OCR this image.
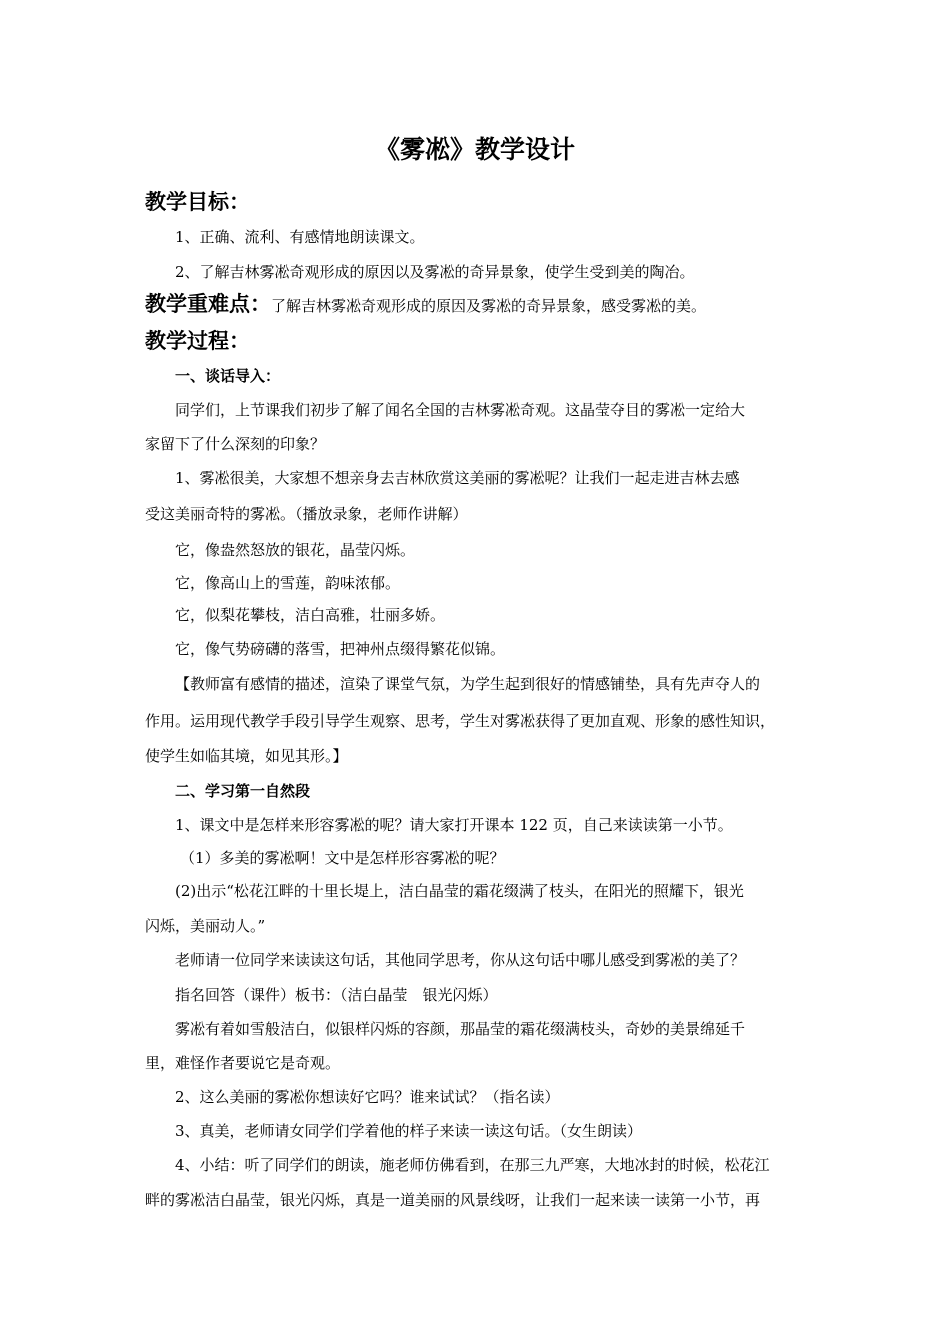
《雾凇》教学设计
教学目标：
1、正确、流利、有感情地朗读课文。
2、了解吉林雾凇奇观形成的原因以及雾凇的奇异景象，使学生受到美的陶冶。
教学重难点：了解吉林雾凇奇观形成的原因及雾凇的奇异景象，感受雾凇的美。
教学过程：
一、谈话导入：
同学们，上节课我们初步了解了闻名全国的吉林雾凇奇观。这晶莹夺目的雾凇一定给大
家留下了什么深刻的印象？
1、雾凇很美，大家想不想亲身去吉林欣赏这美丽的雾凇呢？让我们一起走进吉林去感
受这美丽奇特的雾凇。（播放录象，老师作讲解）
它，像盎然怒放的银花，晶莹闪烁。
它，像高山上的雪莲，韵味浓郁。
它，似梨花攀枝，洁白高雅，壮丽多娇。
它，像气势磅礴的落雪，把神州点缀得繁花似锦。
【教师富有感情的描述，渲染了课堂气氛，为学生起到很好的情感铺垫，具有先声夺人的
作用。运用现代教学手段引导学生观察、思考，学生对雾凇获得了更加直观、形象的感性知识，
使学生如临其境，如见其形。】
二、学习第一自然段
1、课文中是怎样来形容雾凇的呢？请大家打开课本 122 页，自己来读读第一小节。
（1）多美的雾凇啊！文中是怎样形容雾凇的呢？
(2)出示“松花江畔的十里长堤上，洁白晶莹的霜花缀满了枝头，在阳光的照耀下，银光
闪烁，美丽动人。”
老师请一位同学来读读这句话，其他同学思考，你从这句话中哪儿感受到雾凇的美了？
指名回答（课件）板书：（洁白晶莹　银光闪烁）
雾凇有着如雪般洁白，似银样闪烁的容颜，那晶莹的霜花缀满枝头，奇妙的美景绵延千
里，难怪作者要说它是奇观。
2、这么美丽的雾凇你想读好它吗？谁来试试？（指名读）
3、真美，老师请女同学们学着他的样子来读一读这句话。（女生朗读）
4、小结：听了同学们的朗读，施老师仿佛看到，在那三九严寒，大地冰封的时候，松花江
畔的雾凇洁白晶莹，银光闪烁，真是一道美丽的风景线呀，让我们一起来读一读第一小节，再
